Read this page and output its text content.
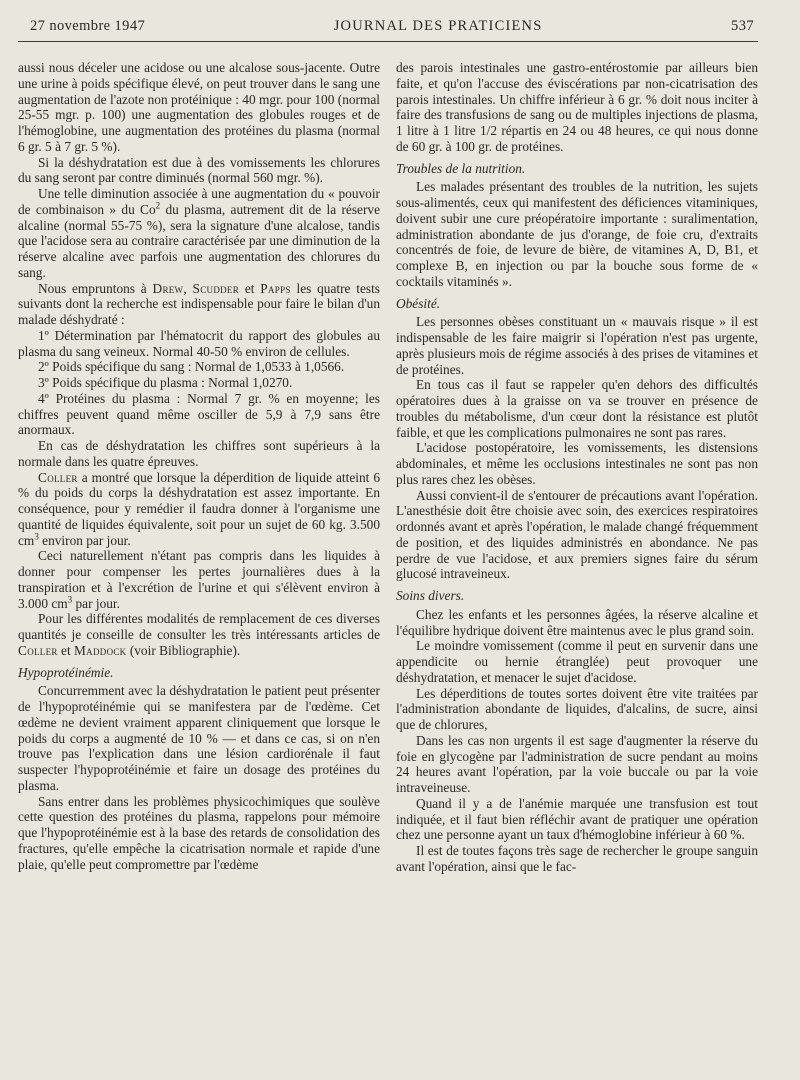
27 novembre 1947	JOURNAL DES PRATICIENS	537

aussi nous déceler une acidose ou une alcalose sous-jacente. Outre une urine à poids spécifique élevé, on peut trouver dans le sang une augmentation de l'azote non protéinique : 40 mgr. pour 100 (normal 25-55 mgr. p. 100) une augmentation des globules rouges et de l'hémoglobine, une augmentation des protéines du plasma (normal 6 gr. 5 à 7 gr. 5 %).

Si la déshydratation est due à des vomissements les chlorures du sang seront par contre diminués (normal 560 mgr. %).

Une telle diminution associée à une augmentation du « pouvoir de combinaison » du Co$^2$ du plasma, autrement dit de la réserve alcaline (normal 55-75 %), sera la signature d'une alcalose, tandis que l'acidose sera au contraire caractérisée par une diminution de la réserve alcaline avec parfois une augmentation des chlorures du sang.

Nous empruntons à Drew, Scudder et Papps les quatre tests suivants dont la recherche est indispensable pour faire le bilan d'un malade déshydraté :

1º Détermination par l'hématocrit du rapport des globules au plasma du sang veineux. Normal 40-50 % environ de cellules.

2º Poids spécifique du sang : Normal de 1,0533 à 1,0566.

3º Poids spécifique du plasma : Normal 1,0270.

4º Protéines du plasma : Normal 7 gr. % en moyenne; les chiffres peuvent quand même osciller de 5,9 à 7,9 sans être anormaux.

En cas de déshydratation les chiffres sont supérieurs à la normale dans les quatre épreuves.

Coller a montré que lorsque la déperdition de liquide atteint 6 % du poids du corps la déshydratation est assez importante. En conséquence, pour y remédier il faudra donner à l'organisme une quantité de liquides équivalente, soit pour un sujet de 60 kg. 3.500 $cm^3$ environ par jour.

Ceci naturellement n'étant pas compris dans les liquides à donner pour compenser les pertes journalières dues à la transpiration et à l'excrétion de l'urine et qui s'élèvent environ à 3.000 $cm^3$ par jour.

Pour les différentes modalités de remplacement de ces diverses quantités je conseille de consulter les très intéressants articles de Coller et Maddock (voir Bibliographie).

Hypoprotéinémie.

Concurremment avec la déshydratation le patient peut présenter de l'hypoprotéinémie qui se manifestera par de l'œdème. Cet œdème ne devient vraiment apparent cliniquement que lorsque le poids du corps a augmenté de 10 % — et dans ce cas, si on n'en trouve pas l'explication dans une lésion cardiorénale il faut suspecter l'hypoprotéinémie et faire un dosage des protéines du plasma.

Sans entrer dans les problèmes physicochimiques que soulève cette question des protéines du plasma, rappelons pour mémoire que l'hypoprotéinémie est à la base des retards de consolidation des fractures, qu'elle empêche la cicatrisation normale et rapide d'une plaie, qu'elle peut compromettre par l'œdème

des parois intestinales une gastro-entérostomie par ailleurs bien faite, et qu'on l'accuse des éviscérations par non-cicatrisation des parois intestinales. Un chiffre inférieur à 6 gr. % doit nous inciter à faire des transfusions de sang ou de multiples injections de plasma, 1 litre à 1 litre 1/2 répartis en 24 ou 48 heures, ce qui nous donne de 60 gr. à 100 gr. de protéines.

Troubles de la nutrition.

Les malades présentant des troubles de la nutrition, les sujets sous-alimentés, ceux qui manifestent des déficiences vitaminiques, doivent subir une cure préopératoire importante : suralimentation, administration abondante de jus d'orange, de foie cru, d'extraits concentrés de foie, de levure de bière, de vitamines A, D, B1, et complexe B, en injection ou par la bouche sous forme de « cocktails vitaminés ».

Obésité.

Les personnes obèses constituant un « mauvais risque » il est indispensable de les faire maigrir si l'opération n'est pas urgente, après plusieurs mois de régime associés à des prises de vitamines et de protéines.

En tous cas il faut se rappeler qu'en dehors des difficultés opératoires dues à la graisse on va se trouver en présence de troubles du métabolisme, d'un cœur dont la résistance est plutôt faible, et que les complications pulmonaires ne sont pas rares.

L'acidose postopératoire, les vomissements, les distensions abdominales, et même les occlusions intestinales ne sont pas non plus rares chez les obèses.

Aussi convient-il de s'entourer de précautions avant l'opération. L'anesthésie doit être choisie avec soin, des exercices respiratoires ordonnés avant et après l'opération, le malade changé fréquemment de position, et des liquides administrés en abondance. Ne pas perdre de vue l'acidose, et aux premiers signes faire du sérum glucosé intraveineux.

Soins divers.

Chez les enfants et les personnes âgées, la réserve alcaline et l'équilibre hydrique doivent être maintenus avec le plus grand soin.

Le moindre vomissement (comme il peut en survenir dans une appendicite ou hernie étranglée) peut provoquer une déshydratation, et menacer le sujet d'acidose.

Les déperditions de toutes sortes doivent être vite traitées par l'administration abondante de liquides, d'alcalins, de sucre, ainsi que de chlorures,

Dans les cas non urgents il est sage d'augmenter la réserve du foie en glycogène par l'administration de sucre pendant au moins 24 heures avant l'opération, par la voie buccale ou par la voie intraveineuse.

Quand il y a de l'anémie marquée une transfusion est tout indiquée, et il faut bien réfléchir avant de pratiquer une opération chez une personne ayant un taux d'hémoglobine inférieur à 60 %.

Il est de toutes façons très sage de rechercher le groupe sanguin avant l'opération, ainsi que le fac-
